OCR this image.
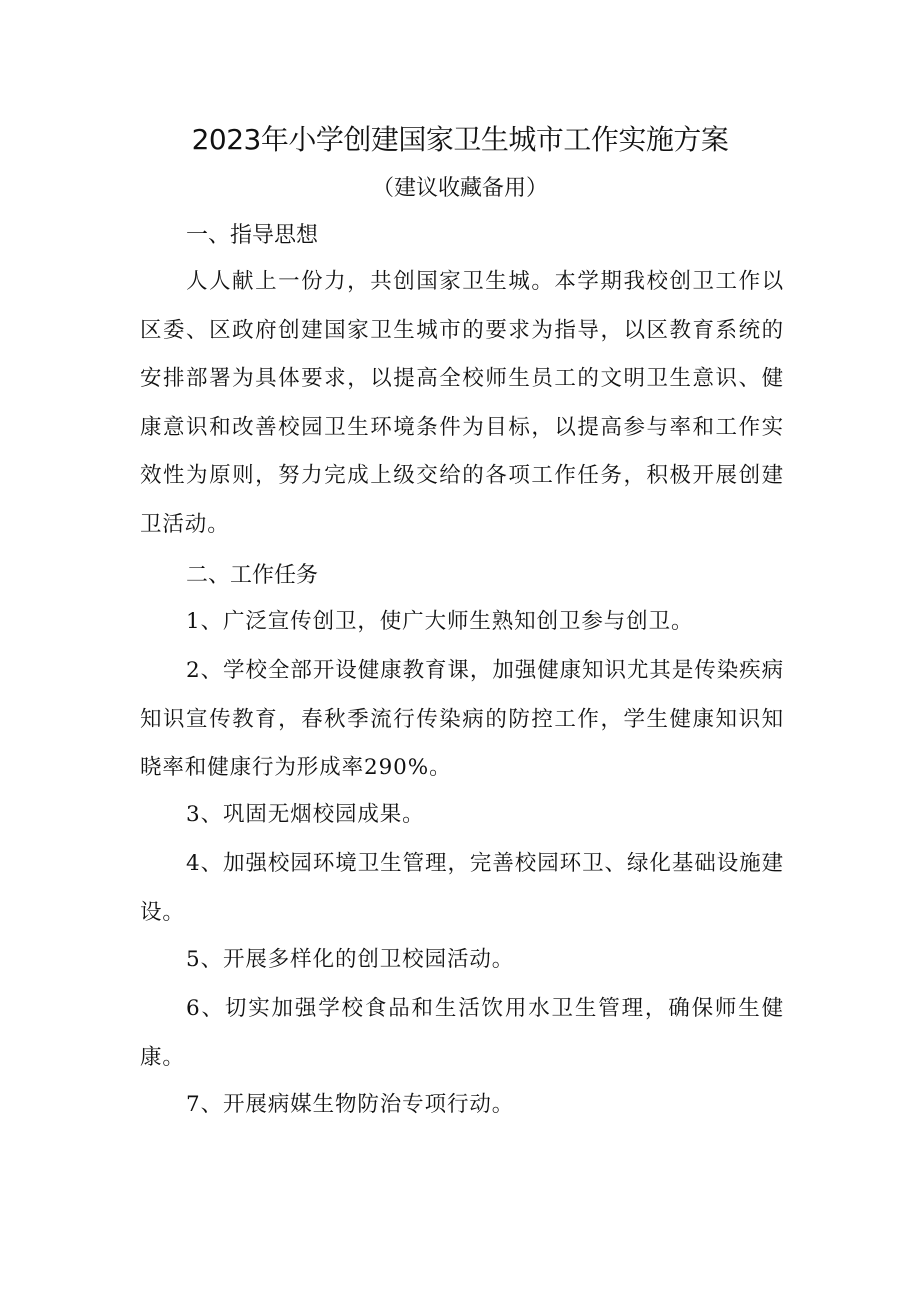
2023年小学创建国家卫生城市工作实施方案
（建议收藏备用）
一、指导思想

人人献上一份力，共创国家卫生城。本学期我校创卫工作以区委、区政府创建国家卫生城市的要求为指导，以区教育系统的安排部署为具体要求，以提高全校师生员工的文明卫生意识、健康意识和改善校园卫生环境条件为目标，以提高参与率和工作实效性为原则，努力完成上级交给的各项工作任务，积极开展创建卫活动。

二、工作任务

1、广泛宣传创卫，使广大师生熟知创卫参与创卫。

2、学校全部开设健康教育课，加强健康知识尤其是传染疾病知识宣传教育，春秋季流行传染病的防控工作，学生健康知识知晓率和健康行为形成率290%。

3、巩固无烟校园成果。

4、加强校园环境卫生管理，完善校园环卫、绿化基础设施建设。

5、开展多样化的创卫校园活动。

6、切实加强学校食品和生活饮用水卫生管理，确保师生健康。

7、开展病媒生物防治专项行动。
